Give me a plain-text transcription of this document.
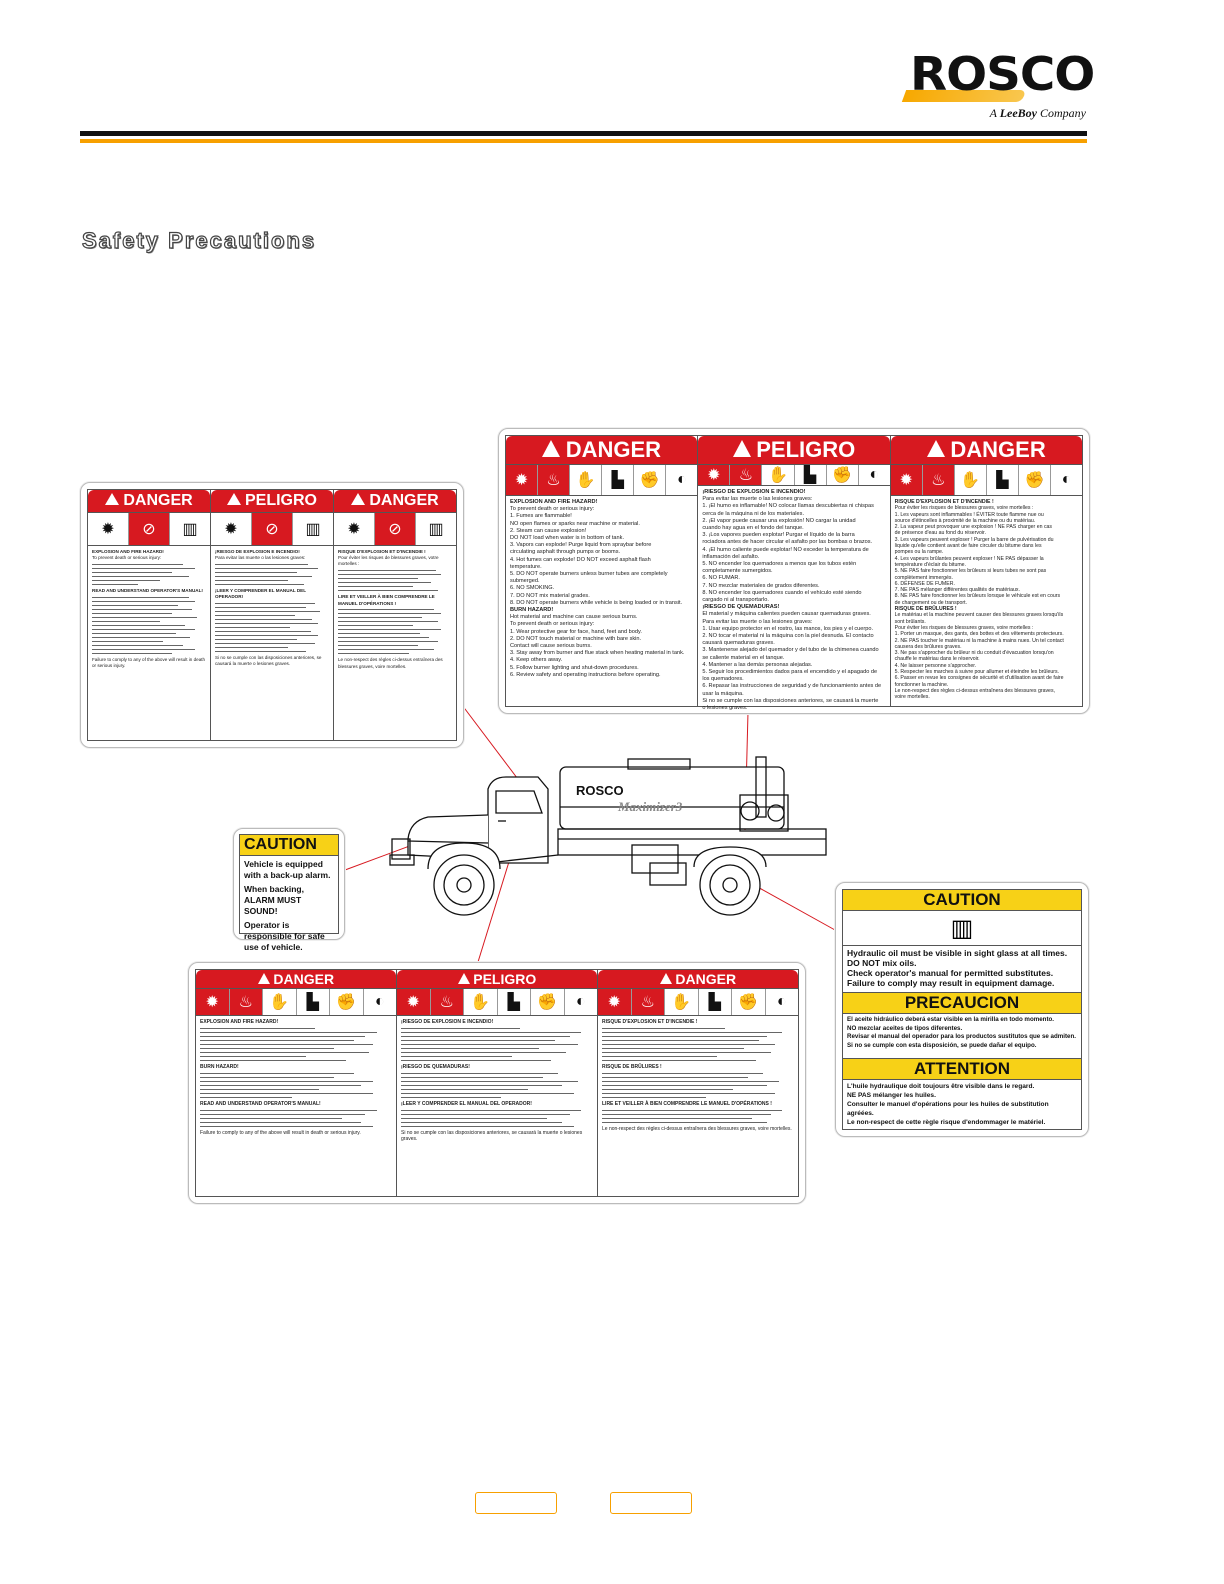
ROSCO
A LeeBoy Company
Safety Precautions
DANGER
✹	⊘	▥
EXPLOSION AND FIRE HAZARD!
To prevent death or serious injury:
READ AND UNDERSTAND OPERATOR'S MANUAL!
Failure to comply to any of the above will result in death or serious injury.
PELIGRO
✹	⊘	▥
¡RIESGO DE EXPLOSION E INCENDIO!
Para evitar las muerte o las lesiones graves:
¡LEER Y COMPRENDER EL MANUAL DEL OPERADOR!
Si no se cumple con las disposiciones anteriores, se causará la muerte o lesiones graves.
DANGER
✹	⊘	▥
RISQUE D'EXPLOSION ET D'INCENDIE !
Pour éviter les risques de blessures graves, votre mortelles :
LIRE ET VEILLER À BIEN COMPRENDRE LE MANUEL D'OPÉRATIONS !
Le non-respect des règles ci-dessus entraînera des blessures graves, voire mortelles.
DANGER
✹	♨ ✋ ▙ ✊	◐
EXPLOSION AND FIRE HAZARD!
To prevent death or serious injury:
1. Fumes are flammable!
NO open flames or sparks near machine or material.
2. Steam can cause explosion!
DO NOT load when water is in bottom of tank.
3. Vapors can explode! Purge liquid from spraybar before
circulating asphalt through pumps or booms.
4. Hot fumes can explode! DO NOT exceed asphalt flash
temperature.
5. DO NOT operate burners unless burner tubes are completely
submerged.
6. NO SMOKING.
7. DO NOT mix material grades.
8. DO NOT operate burners while vehicle is being loaded or in transit.
BURN HAZARD!
Hot material and machine can cause serious burns.
To prevent death or serious injury:
1. Wear protective gear for face, hand, feet and body.
2. DO NOT touch material or machine with bare skin.
Contact will cause serious burns.
3. Stay away from burner and flue stack when heating material in tank.
4. Keep others away.
5. Follow burner lighting and shut-down procedures.
6. Review safety and operating instructions before operating.
PELIGRO
✹	♨ ✋ ▙ ✊	◐
¡RIESGO DE EXPLOSION E INCENDIO!
Para evitar las muerte o las lesiones graves:
1. ¡El humo es inflamable! NO colocar llamas descubiertas ni chispas
cerca de la máquina ni de los materiales.
2. ¡El vapor puede causar una explosión! NO cargar la unidad
cuando hay agua en el fondo del tanque.
3. ¡Los vapores pueden explotar! Purgar el líquido de la barra
rociadora antes de hacer circular el asfalto por las bombas o brazos.
4. ¡El humo caliente puede explotar! NO exceder la temperatura de
inflamación del asfalto.
5. NO encender los quemadores a menos que los tubos estén
completamente sumergidos.
6. NO FUMAR.
7. NO mezclar materiales de grados diferentes.
8. NO encender los quemadores cuando el vehículo esté siendo
cargado ni al transportarlo.
¡RIESGO DE QUEMADURAS!
El material y máquina calientes pueden causar quemaduras graves.
Para evitar las muerte o las lesiones graves:
1. Usar equipo protector en el rostro, las manos, los pies y el cuerpo.
2. NO tocar el material ni la máquina con la piel desnuda. El contacto
causará quemaduras graves.
3. Mantenerse alejado del quemador y del tubo de la chimenea cuando
se caliente material en el tanque.
4. Mantener a las demás personas alejadas.
5. Seguir los procedimientos dados para el encendido y el apagado de
los quemadores.
6. Repasar las instrucciones de seguridad y de funcionamiento antes de
usar la máquina.
Si no se cumple con las disposiciones anteriores, se causará la muerte
o lesiones graves.
DANGER
✹	♨ ✋ ▙ ✊	◐
RISQUE D'EXPLOSION ET D'INCENDIE !
Pour éviter les risques de blessures graves, voire mortelles :
1. Les vapeurs sont inflammables ! ÉVITER toute flamme nue ou
source d'étincelles à proximité de la machine ou du matériau.
2. La vapeur peut provoquer une explosion ! NE PAS charger en cas
de présence d'eau au fond du réservoir.
3. Les vapeurs peuvent exploser ! Purger la barre de pulvérisation du
liquide qu'elle contient avant de faire circuler du bitume dans les
pompes ou la rampe.
4. Les vapeurs brûlantes peuvent exploser ! NE PAS dépasser la
température d'éclair du bitume.
5. NE PAS faire fonctionner les brûleurs si leurs tubes ne sont pas
complètement immergés.
6. DÉFENSE DE FUMER.
7. NE PAS mélanger différentes qualités de matériaux.
8. NE PAS faire fonctionner les brûleurs lorsque le véhicule est en cours
de chargement ou de transport.
RISQUE DE BRÛLURES !
Le matériau et la machine peuvent causer des blessures graves lorsqu'ils
sont brûlants.
Pour éviter les risques de blessures graves, voire mortelles :
1. Porter un masque, des gants, des bottes et des vêtements protecteurs.
2. NE PAS toucher le matériau ni la machine à mains nues. Un tel contact
causera des brûlures graves.
3. Ne pas s'approcher du brûleur ni du conduit d'évacuation lorsqu'on
chauffe le matériau dans le réservoir.
4. Ne laisser personne s'approcher.
5. Respecter les marches à suivre pour allumer et éteindre les brûleurs.
6. Passer en revue les consignes de sécurité et d'utilisation avant de faire
fonctionner la machine.
Le non-respect des règles ci-dessus entraînera des blessures graves,
voire mortelles.
ROSCO
Maximizer3
CAUTION
Vehicle is equipped
with a back-up alarm.
When backing,
ALARM MUST SOUND!
Operator is
responsible for safe
use of vehicle.
CAUTION
▥
Hydraulic oil must be visible in sight glass at all times.
DO NOT mix oils.
Check operator's manual for permitted substitutes.
Failure to comply may result in equipment damage.
PRECAUCION
El aceite hidráulico deberá estar visible en la mirilla en todo momento.
NO mezclar aceites de tipos diferentes.
Revisar el manual del operador para los productos sustitutos que se admiten.
Si no se cumple con esta disposición, se puede dañar el equipo.
ATTENTION
L'huile hydraulique doit toujours être visible dans le regard.
NE PAS mélanger les huiles.
Consulter le manuel d'opérations pour les huiles de substitution agréées.
Le non-respect de cette règle risque d'endommager le matériel.
DANGER
✹	♨	✋	▙	✊	◐
EXPLOSION AND FIRE HAZARD!
BURN HAZARD!
READ AND UNDERSTAND OPERATOR'S MANUAL!
Failure to comply to any of the above will result in death or serious injury.
PELIGRO
✹	♨	✋	▙	✊	◐
¡RIESGO DE EXPLOSION E INCENDIO!
¡RIESGO DE QUEMADURAS!
¡LEER Y COMPRENDER EL MANUAL DEL OPERADOR!
Si no se cumple con las disposiciones anteriores, se causará la muerte o lesiones graves.
DANGER
✹	♨	✋	▙	✊	◐
RISQUE D'EXPLOSION ET D'INCENDIE !
RISQUE DE BRÛLURES !
LIRE ET VEILLER À BIEN COMPRENDRE LE MANUEL D'OPÉRATIONS !
Le non-respect des règles ci-dessus entraînera des blessures graves, voire mortelles.
